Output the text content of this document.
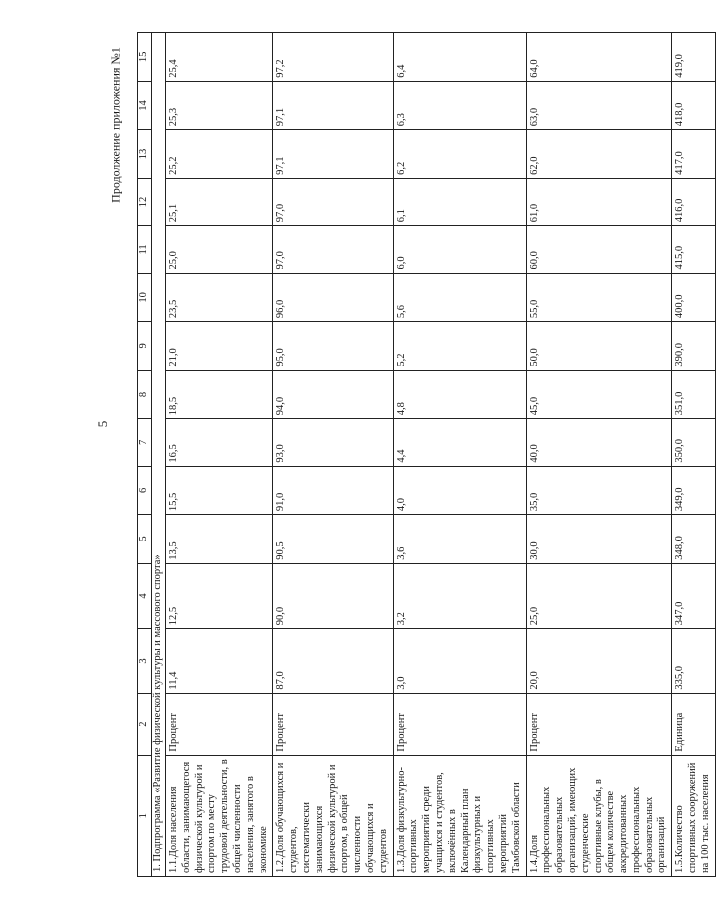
5
Продолжение приложения №1
1	2	3	4	5	6	7	8	9	10	11	12	13	14	15
1. Подпрограмма «Развитие физической культуры и массового спорта»														
1.1.Доля населения области, занимающегося физической культурой и спортом по месту трудовой деятельности, в общей численности населения, занятого в экономике	Процент	11,4	12,5	13,5	15,5	16,5	18,5	21,0	23,5	25,0	25,1	25,2	25,3	25,4
1.2.Доля обучающихся и студентов, систематически занимающихся физической культурой и спортом, в общей численности обучающихся и студентов	Процент	87,0	90,0	90,5	91,0	93,0	94,0	95,0	96,0	97,0	97,0	97,1	97,1	97,2
1.3.Доля физкультурно-спортивных мероприятий среди учащихся и студентов, включённых в Календарный план физкультурных и спортивных мероприятий Тамбовской области	Процент	3,0	3,2	3,6	4,0	4,4	4,8	5,2	5,6	6,0	6,1	6,2	6,3	6,4
1.4.Доля профессиональных образовательных организаций, имеющих студенческие спортивные клубы, в общем количестве аккредитованных профессиональных образовательных организаций	Процент	20,0	25,0	30,0	35,0	40,0	45,0	50,0	55,0	60,0	61,0	62,0	63,0	64,0
1.5.Количество спортивных сооружений на 100 тыс. населения	Единица	335,0	347,0	348,0	349,0	350,0	351,0	390,0	400,0	415,0	416,0	417,0	418,0	419,0
